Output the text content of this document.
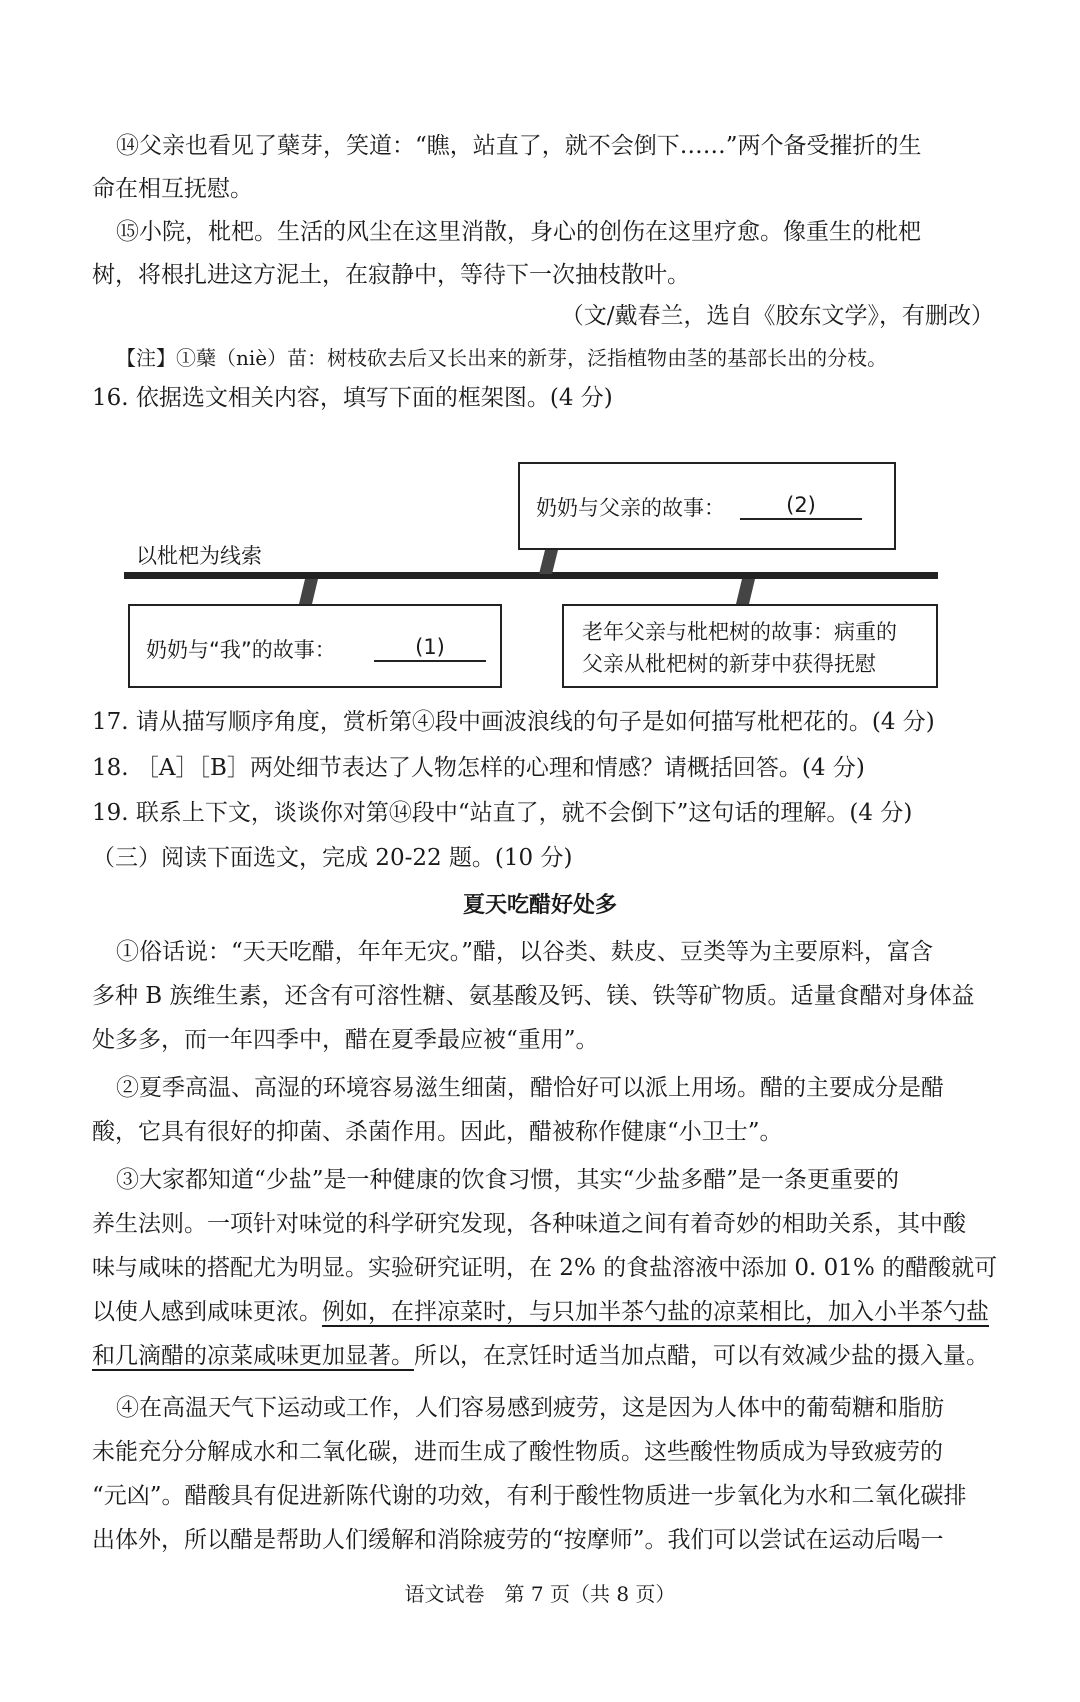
⑭父亲也看见了蘖芽，笑道：“瞧，站直了，就不会倒下……”两个备受摧折的生
命在相互抚慰。
⑮小院，枇杷。生活的风尘在这里消散，身心的创伤在这里疗愈。像重生的枇杷
树，将根扎进这方泥土，在寂静中，等待下一次抽枝散叶。
（文/戴春兰，选自《胶东文学》，有删改）
【注】①蘖（niè）苗：树枝砍去后又长出来的新芽，泛指植物由茎的基部长出的分枝。
16. 依据选文相关内容，填写下面的框架图。(4 分)
奶奶与父亲的故事：	(2)
以枇杷为线索
奶奶与“我”的故事：	(1)
老年父亲与枇杷树的故事：病重的
父亲从枇杷树的新芽中获得抚慰
17. 请从描写顺序角度，赏析第④段中画波浪线的句子是如何描写枇杷花的。(4 分)
18. ［A］［B］两处细节表达了人物怎样的心理和情感？请概括回答。(4 分)
19. 联系上下文，谈谈你对第⑭段中“站直了，就不会倒下”这句话的理解。(4 分)
（三）阅读下面选文，完成 20-22 题。(10 分)
夏天吃醋好处多
①俗话说：“天天吃醋，年年无灾。”醋，以谷类、麸皮、豆类等为主要原料，富含
多种 B 族维生素，还含有可溶性糖、氨基酸及钙、镁、铁等矿物质。适量食醋对身体益
处多多，而一年四季中，醋在夏季最应被“重用”。
②夏季高温、高湿的环境容易滋生细菌，醋恰好可以派上用场。醋的主要成分是醋
酸，它具有很好的抑菌、杀菌作用。因此，醋被称作健康“小卫士”。
③大家都知道“少盐”是一种健康的饮食习惯，其实“少盐多醋”是一条更重要的
养生法则。一项针对味觉的科学研究发现，各种味道之间有着奇妙的相助关系，其中酸
味与咸味的搭配尤为明显。实验研究证明，在 2% 的食盐溶液中添加 0. 01% 的醋酸就可
以使人感到咸味更浓。例如，在拌凉菜时，与只加半茶勺盐的凉菜相比，加入小半茶勺盐
和几滴醋的凉菜咸味更加显著。所以，在烹饪时适当加点醋，可以有效减少盐的摄入量。
④在高温天气下运动或工作，人们容易感到疲劳，这是因为人体中的葡萄糖和脂肪
未能充分分解成水和二氧化碳，进而生成了酸性物质。这些酸性物质成为导致疲劳的
“元凶”。醋酸具有促进新陈代谢的功效，有利于酸性物质进一步氧化为水和二氧化碳排
出体外，所以醋是帮助人们缓解和消除疲劳的“按摩师”。我们可以尝试在运动后喝一
语文试卷　第 7 页（共 8 页）
